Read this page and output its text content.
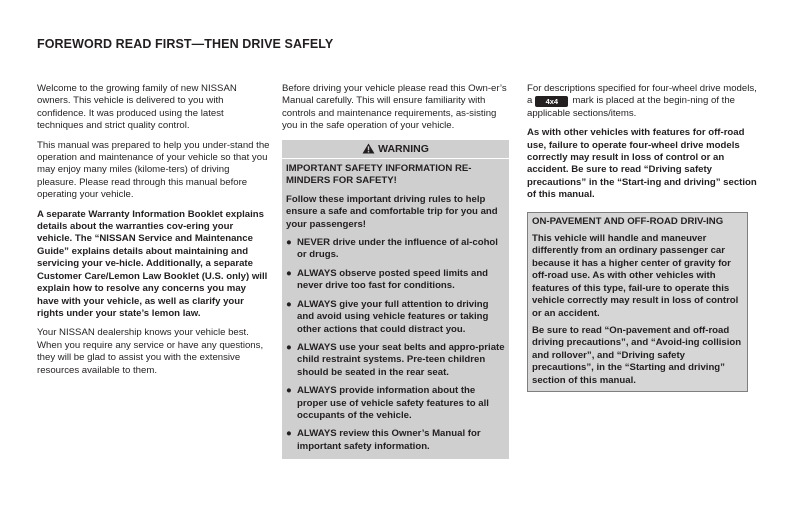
FOREWORD READ FIRST—THEN DRIVE SAFELY

Welcome to the growing family of new NISSAN owners. This vehicle is delivered to you with confidence. It was produced using the latest techniques and strict quality control.

This manual was prepared to help you under-stand the operation and maintenance of your vehicle so that you may enjoy many miles (kilome-ters) of driving pleasure. Please read through this manual before operating your vehicle.

A separate Warranty Information Booklet explains details about the warranties cov-ering your vehicle. The “NISSAN Service and Maintenance Guide” explains details about maintaining and servicing your ve-hicle. Additionally, a separate Customer Care/Lemon Law Booklet (U.S. only) will explain how to resolve any concerns you may have with your vehicle, as well as clarify your rights under your state’s lemon law.

Your NISSAN dealership knows your vehicle best. When you require any service or have any questions, they will be glad to assist you with the extensive resources available to them.

Before driving your vehicle please read this Own-er’s Manual carefully. This will ensure familiarity with controls and maintenance requirements, as-sisting you in the safe operation of your vehicle.

WARNING

IMPORTANT SAFETY INFORMATION RE-MINDERS FOR SAFETY!

Follow these important driving rules to help ensure a safe and comfortable trip for you and your passengers!

● NEVER drive under the influence of al-cohol or drugs.
● ALWAYS observe posted speed limits and never drive too fast for conditions.
● ALWAYS give your full attention to driving and avoid using vehicle features or taking other actions that could distract you.
● ALWAYS use your seat belts and appro-priate child restraint systems. Pre-teen children should be seated in the rear seat.
● ALWAYS provide information about the proper use of vehicle safety features to all occupants of the vehicle.
● ALWAYS review this Owner’s Manual for important safety information.

For descriptions specified for four-wheel drive models, a 4x4 mark is placed at the begin-ning of the applicable sections/items.

As with other vehicles with features for off-road use, failure to operate four-wheel drive models correctly may result in loss of control or an accident. Be sure to read “Driving safety precautions” in the “Start-ing and driving” section of this manual.

ON-PAVEMENT AND OFF-ROAD DRIV-ING

This vehicle will handle and maneuver differently from an ordinary passenger car because it has a higher center of gravity for off-road use. As with other vehicles with features of this type, fail-ure to operate this vehicle correctly may result in loss of control or an accident.

Be sure to read “On-pavement and off-road driving precautions”, and “Avoid-ing collision and rollover”, and “Driving safety precautions”, in the “Starting and driving” section of this manual.
